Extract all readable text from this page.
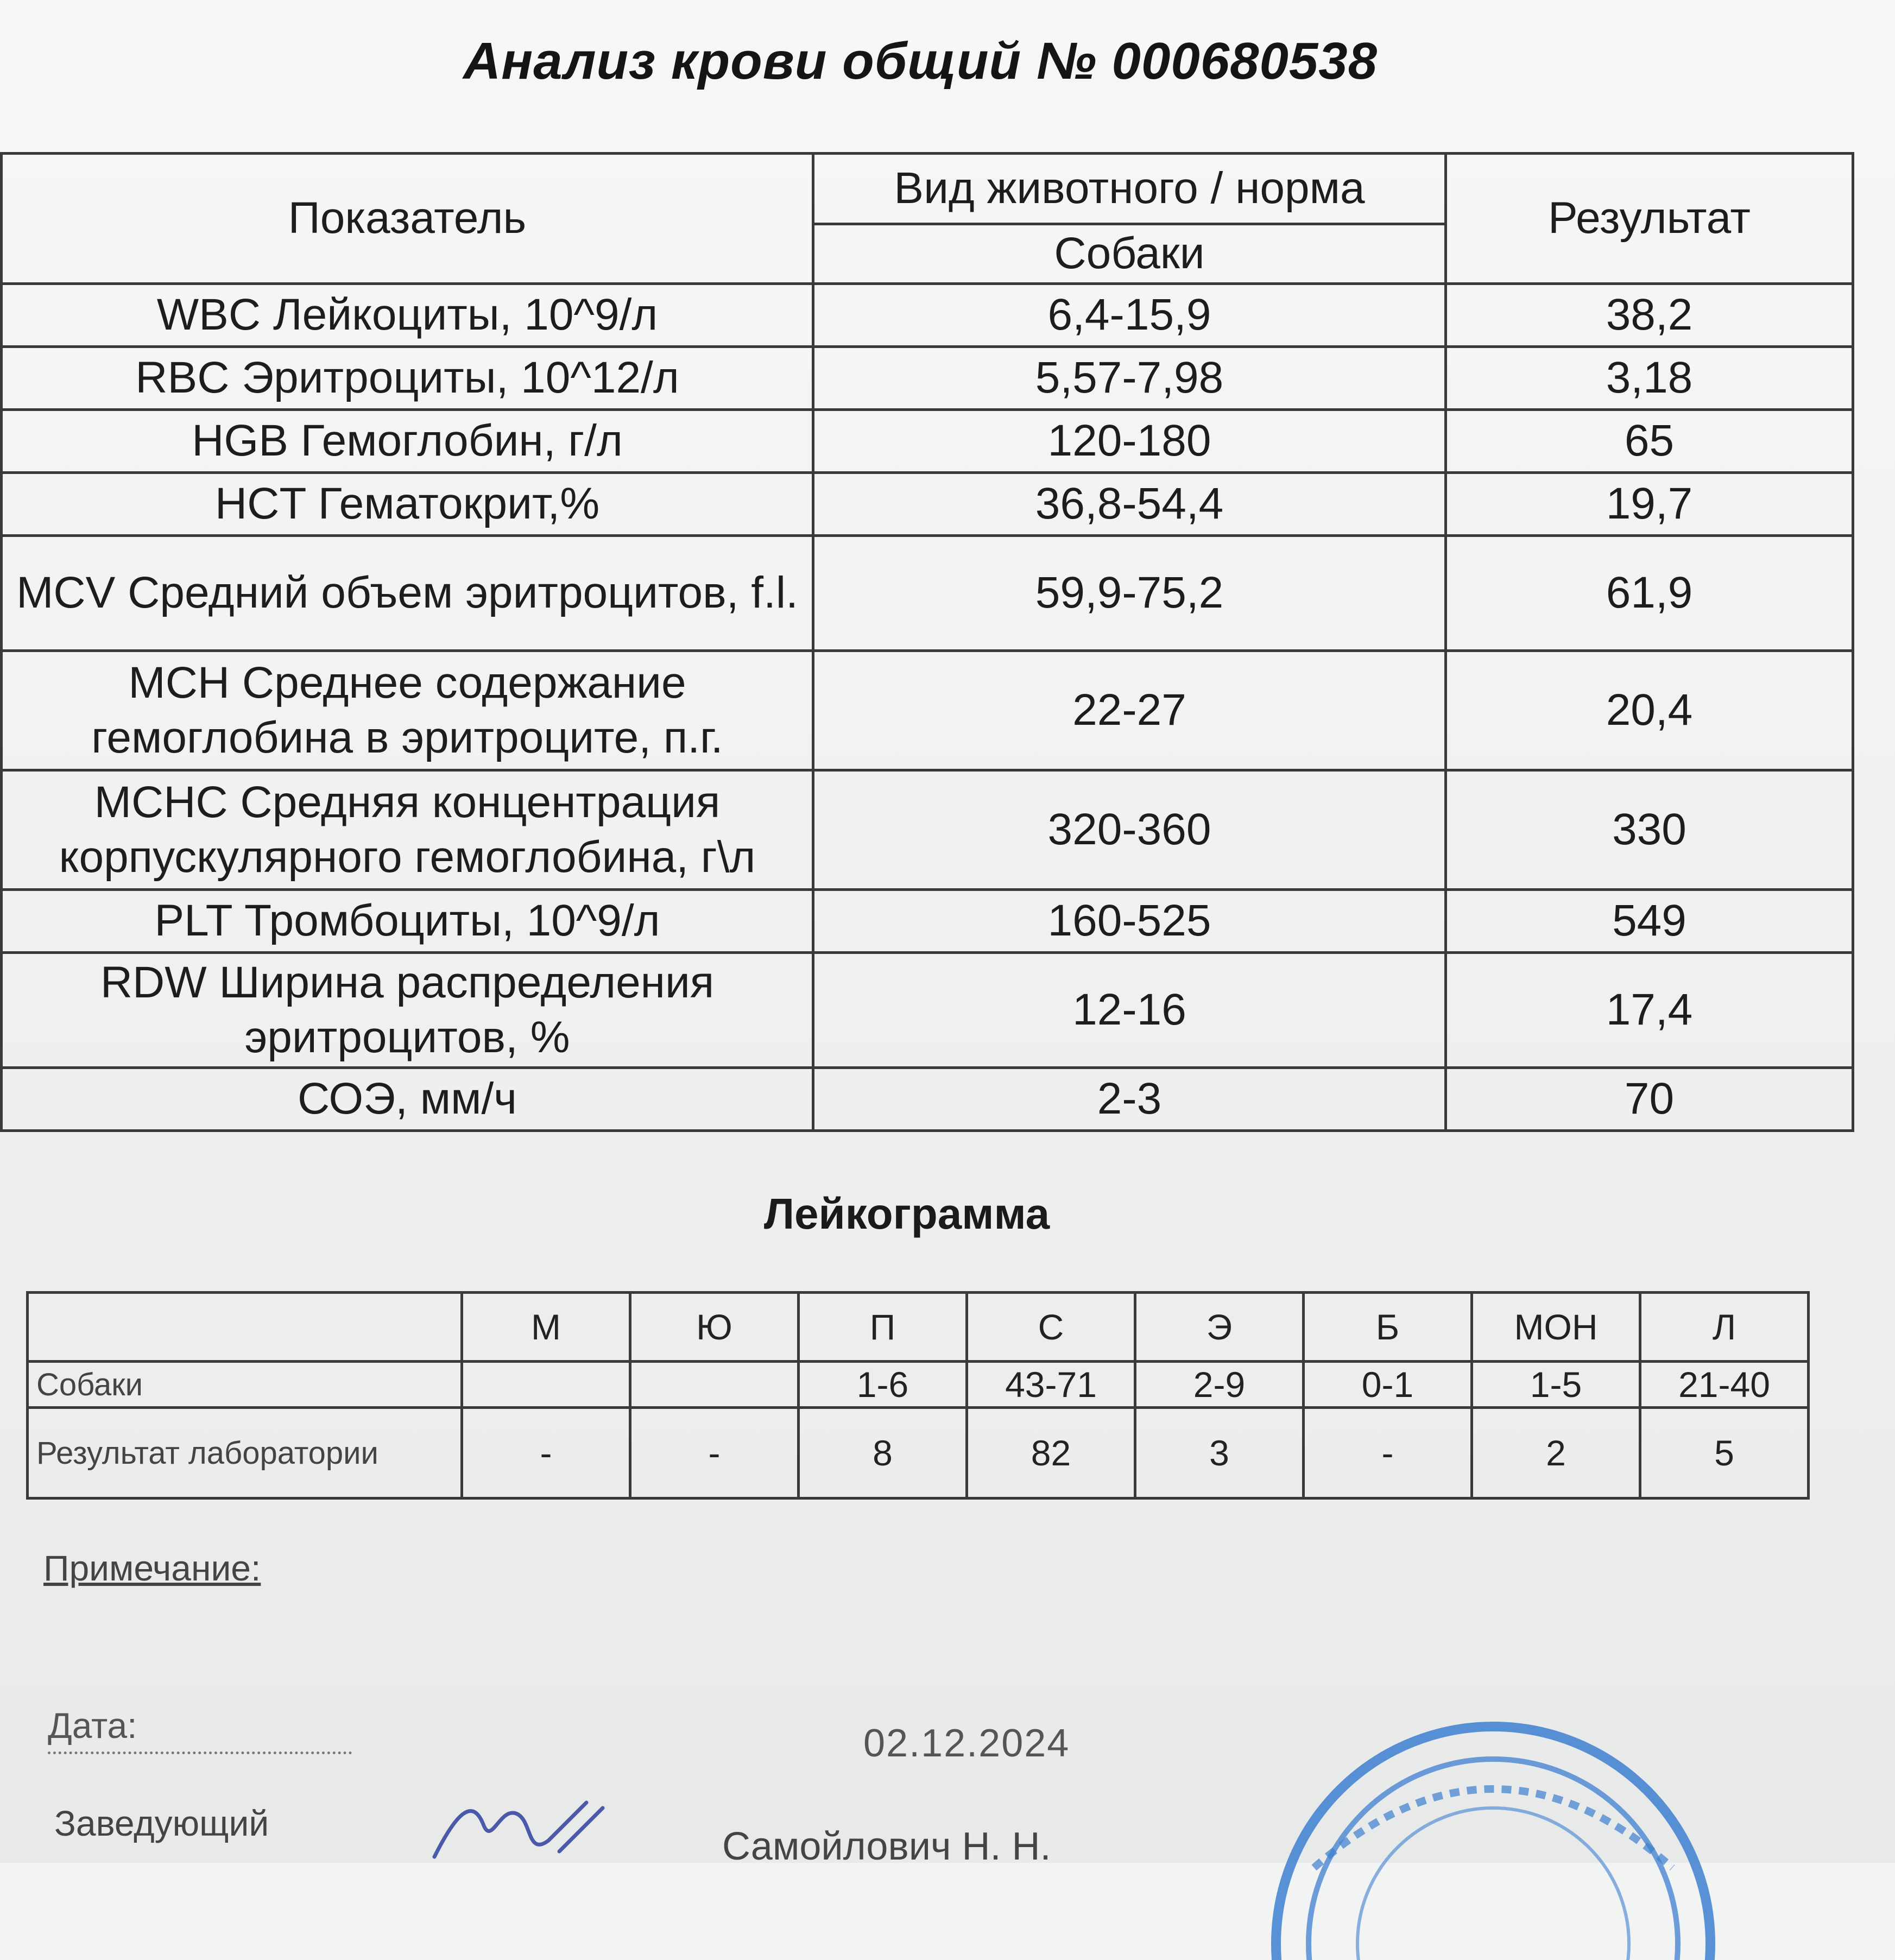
Анализ крови общий № 000680538
Показатель	Вид животного / норма	Результат
	Собаки	
WBC Лейкоциты, 10^9/л	6,4-15,9	38,2
RBC Эритроциты, 10^12/л	5,57-7,98	3,18
HGB Гемоглобин, г/л	120-180	65
HCT Гематокрит,%	36,8-54,4	19,7
MCV Средний объем эритроцитов, f.l.	59,9-75,2	61,9
MCH Среднее содержание гемоглобина в эритроците, п.г.	22-27	20,4
MCHC Средняя концентрация корпускулярного гемоглобина, г\л	320-360	330
PLT Тромбоциты, 10^9/л	160-525	549
RDW Ширина распределения эритроцитов, %	12-16	17,4
СОЭ, мм/ч	2-3	70
Лейкограмма
	М	Ю	П	С	Э	Б	МОН	Л
Собаки			1-6	43-71	2-9	0-1	1-5	21-40
Результат лаборатории	-	-	8	82	3	-	2	5
Примечание:
Дата:	02.12.2024
Заведующий
Самойлович Н. Н.
